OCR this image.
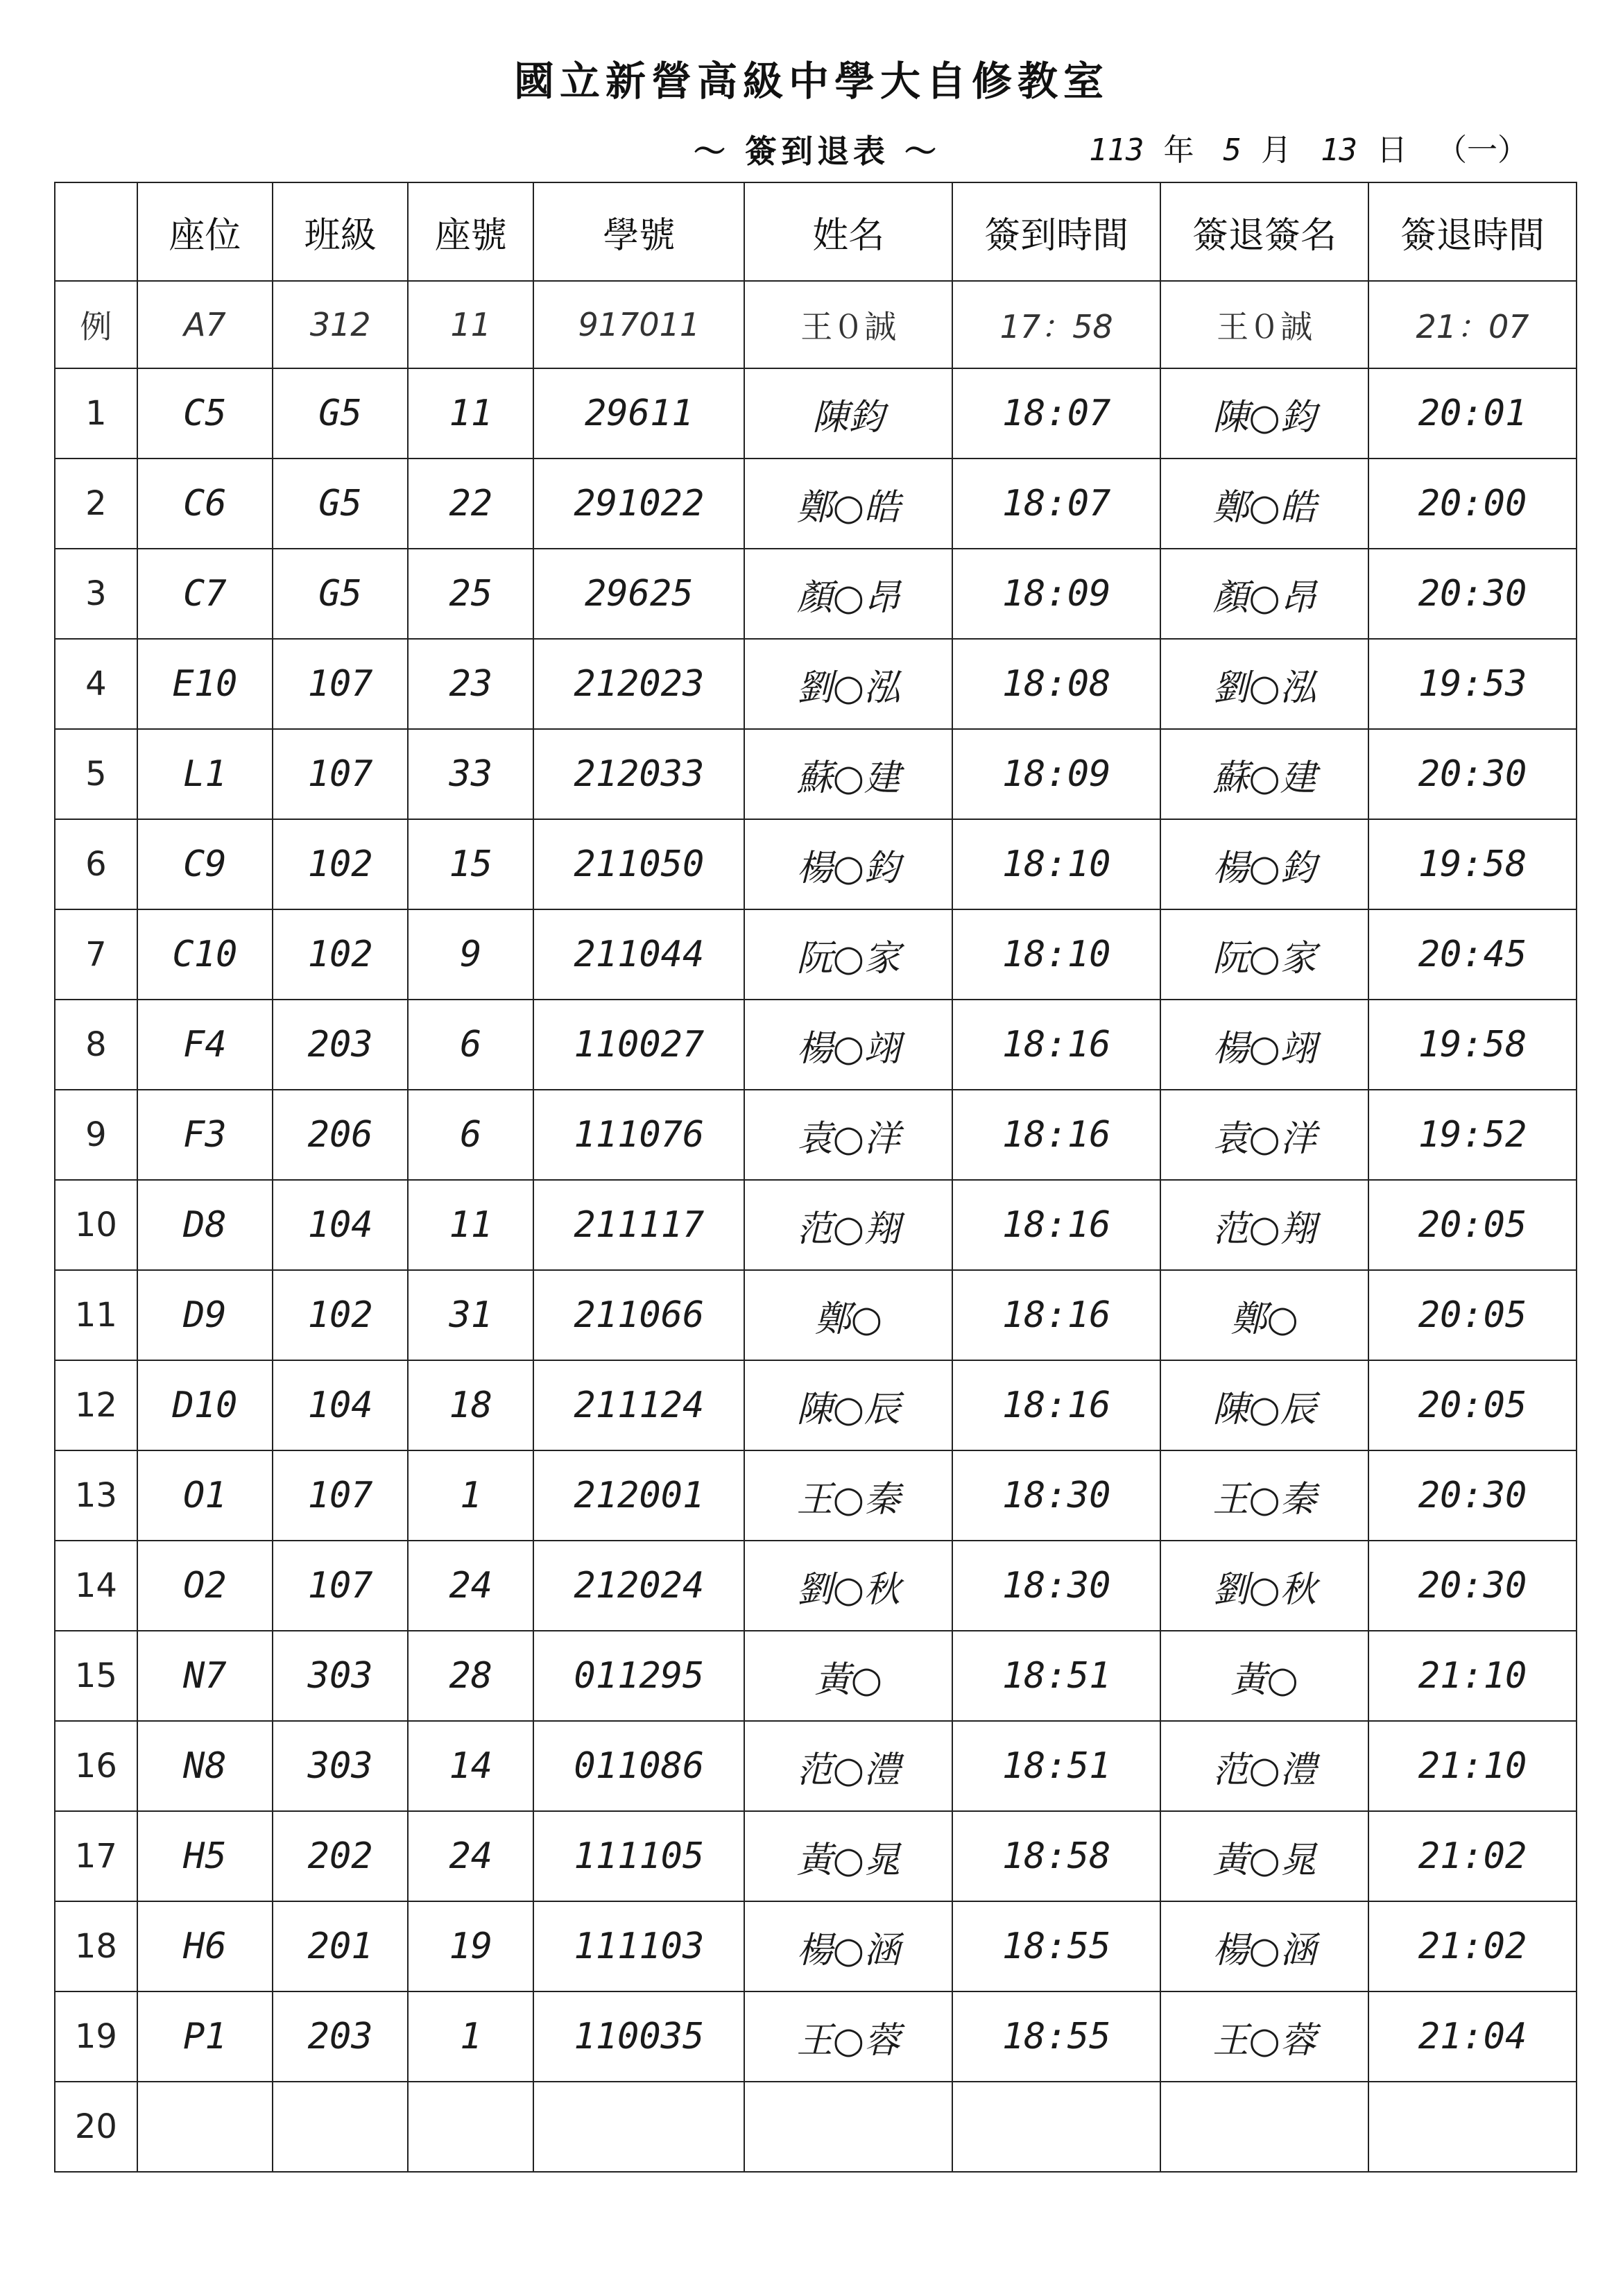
國立新營高級中學大自修教室
～ 簽到退表 ～	113 年 5 月 13 日 （一）
	座位	班級	座號	學號	姓名	簽到時間	簽退簽名	簽退時間
例	A7	312	11	917011	王０誠	17：58	王０誠	21：07
1	C5	G5	11	29611	陳鈞	18:07	陳○鈞	20:01
2	C6	G5	22	291022	鄭○皓	18:07	鄭○皓	20:00
3	C7	G5	25	29625	顏○昂	18:09	顏○昂	20:30
4	E10	107	23	212023	劉○泓	18:08	劉○泓	19:53
5	L1	107	33	212033	蘇○建	18:09	蘇○建	20:30
6	C9	102	15	211050	楊○鈞	18:10	楊○鈞	19:58
7	C10	102	9	211044	阮○家	18:10	阮○家	20:45
8	F4	203	6	110027	楊○翊	18:16	楊○翊	19:58
9	F3	206	6	111076	袁○洋	18:16	袁○洋	19:52
10	D8	104	11	211117	范○翔	18:16	范○翔	20:05
11	D9	102	31	211066	鄭○	18:16	鄭○	20:05
12	D10	104	18	211124	陳○辰	18:16	陳○辰	20:05
13	O1	107	1	212001	王○秦	18:30	王○秦	20:30
14	O2	107	24	212024	劉○秋	18:30	劉○秋	20:30
15	N7	303	28	011295	黃○	18:51	黃○	21:10
16	N8	303	14	011086	范○澧	18:51	范○澧	21:10
17	H5	202	24	111105	黃○晁	18:58	黃○晁	21:02
18	H6	201	19	111103	楊○涵	18:55	楊○涵	21:02
19	P1	203	1	110035	王○蓉	18:55	王○蓉	21:04
20								
